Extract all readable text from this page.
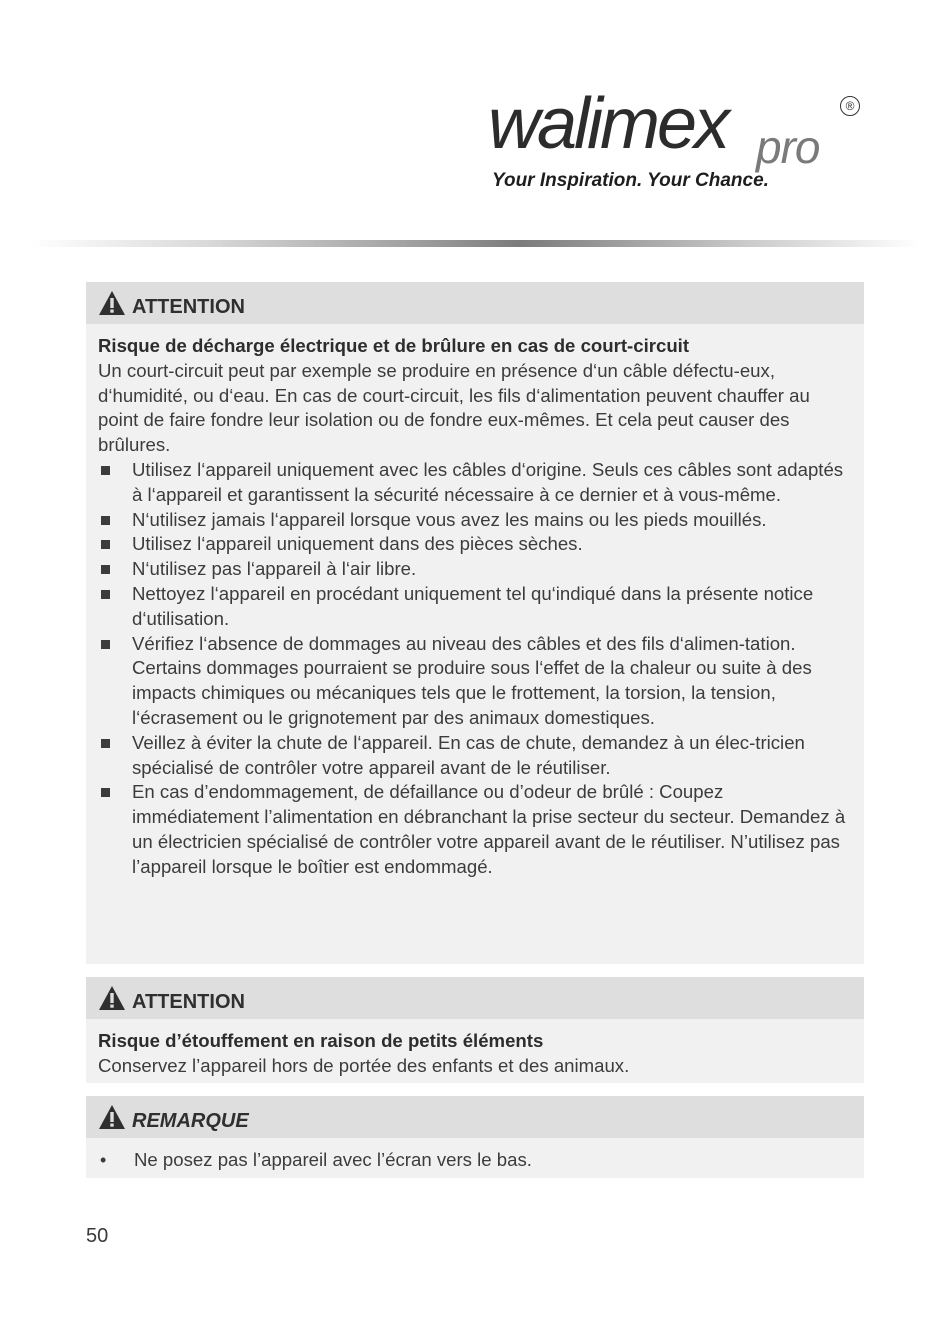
walimex pro
®
Your Inspiration. Your Chance.
ATTENTION
Risque de décharge électrique et de brûlure en cas de court-circuit

Un court-circuit peut par exemple se produire en présence d‘un câble défectu-eux, d‘humidité, ou d‘eau. En cas de court-circuit, les fils d‘alimentation peuvent chauffer au point de faire fondre leur isolation ou de fondre eux-mêmes. Et cela peut causer des brûlures.

Utilisez l‘appareil uniquement avec les câbles d‘origine. Seuls ces câbles sont adaptés à l‘appareil et garantissent la sécurité nécessaire à ce dernier et à vous-même.
N‘utilisez jamais l‘appareil lorsque vous avez les mains ou les pieds mouillés.
Utilisez l‘appareil uniquement dans des pièces sèches.
N‘utilisez pas l‘appareil à l‘air libre.
Nettoyez l‘appareil en procédant uniquement tel qu‘indiqué dans la présente notice d‘utilisation.
Vérifiez l‘absence de dommages au niveau des câbles et des fils d‘alimen-tation. Certains dommages pourraient se produire sous l‘effet de la chaleur ou suite à des impacts chimiques ou mécaniques tels que le frottement, la torsion, la tension, l‘écrasement ou le grignotement par des animaux domestiques.
Veillez à éviter la chute de l‘appareil. En cas de chute, demandez à un élec-tricien spécialisé de contrôler votre appareil avant de le réutiliser.
En cas d’endommagement, de défaillance ou d’odeur de brûlé : Coupez immédiatement l’alimentation en débranchant la prise secteur du secteur. Demandez à un électricien spécialisé de contrôler votre appareil avant de le réutiliser. N’utilisez pas l’appareil lorsque le boîtier est endommagé.
ATTENTION
Risque d’étouffement en raison de petits éléments

Conservez l’appareil hors de portée des enfants et des animaux.

REMARQUE
• Ne posez pas l’appareil avec l’écran vers le bas.
50
